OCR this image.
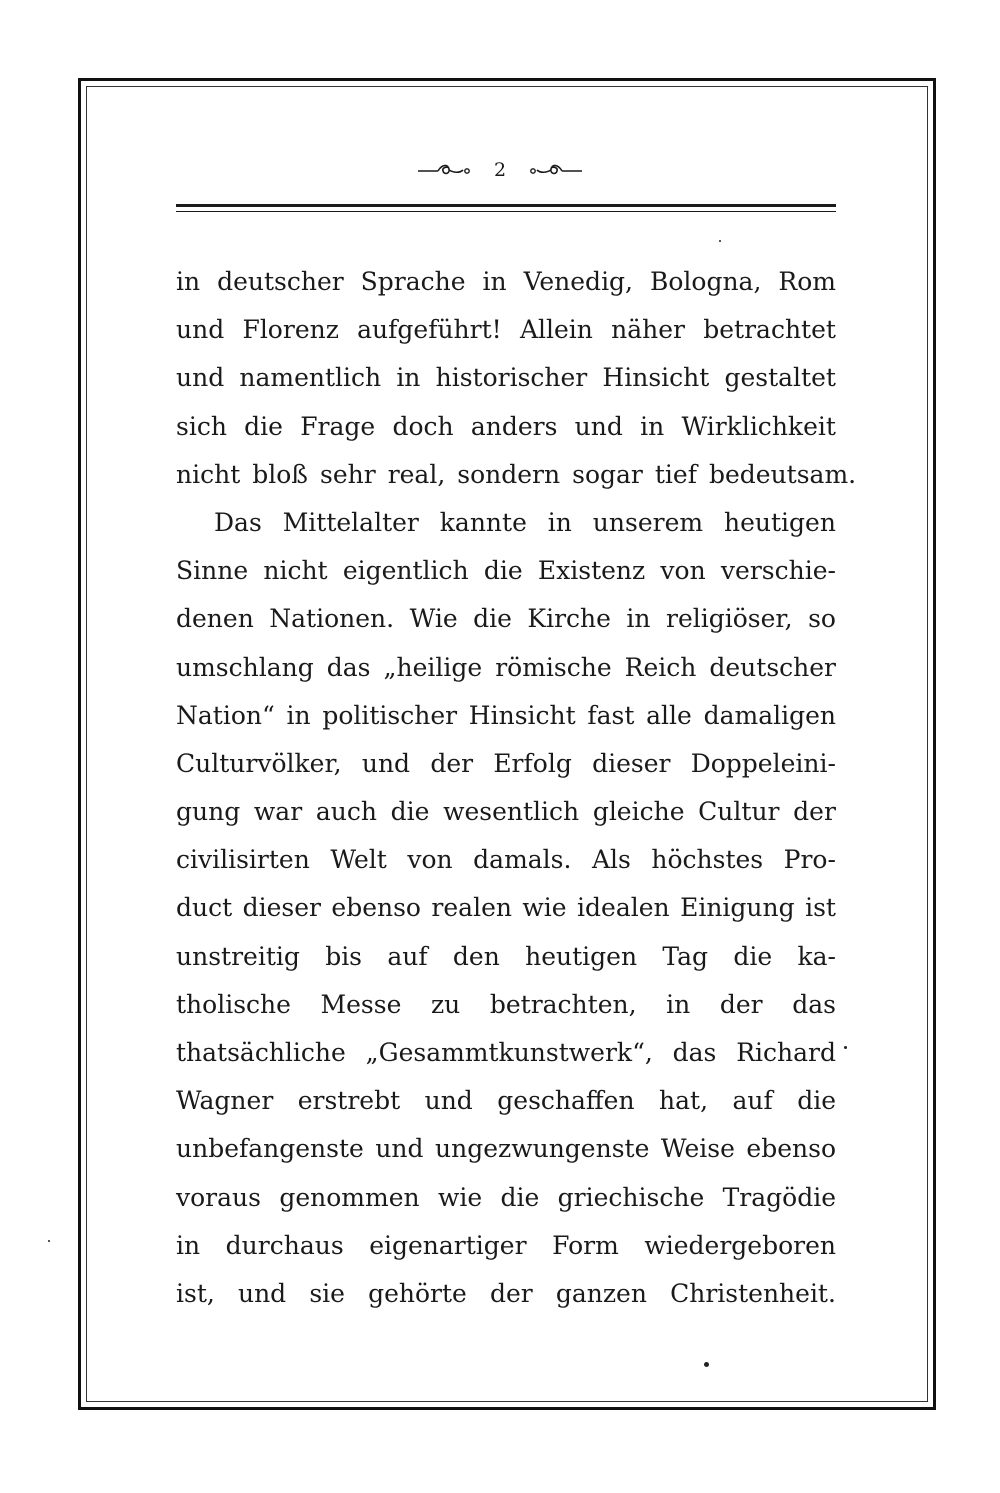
2
in deutscher Sprache in Venedig, Bologna, Rom
und Florenz aufgeführt! Allein näher betrachtet
und namentlich in historischer Hinsicht gestaltet
sich die Frage doch anders und in Wirklichkeit
nicht bloß sehr real, sondern sogar tief bedeutsam.
Das Mittelalter kannte in unserem heutigen
Sinne nicht eigentlich die Existenz von verschie-
denen Nationen. Wie die Kirche in religiöser, so
umschlang das „heilige römische Reich deutscher
Nation“ in politischer Hinsicht fast alle damaligen
Culturvölker, und der Erfolg dieser Doppeleini-
gung war auch die wesentlich gleiche Cultur der
civilisirten Welt von damals. Als höchstes Pro-
duct dieser ebenso realen wie idealen Einigung ist
unstreitig bis auf den heutigen Tag die ka-
tholische Messe zu betrachten, in der das
thatsächliche „Gesammtkunstwerk“, das Richard
Wagner erstrebt und geschaffen hat, auf die
unbefangenste und ungezwungenste Weise ebenso
voraus genommen wie die griechische Tragödie
in durchaus eigenartiger Form wiedergeboren
ist, und sie gehörte der ganzen Christenheit.
